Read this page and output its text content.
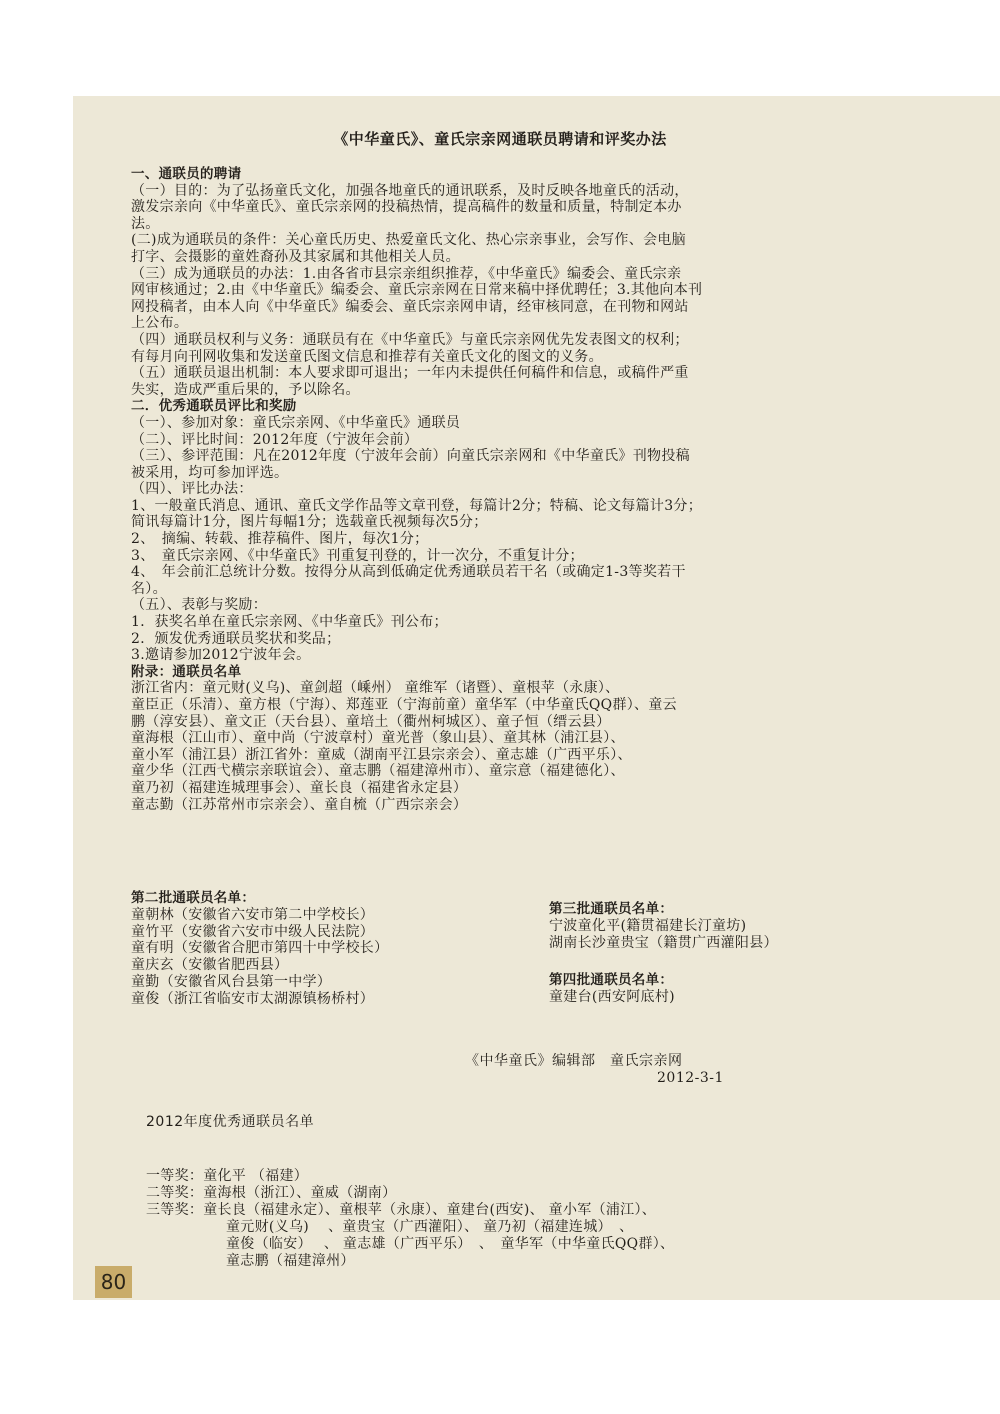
《中华童氏》、童氏宗亲网通联员聘请和评奖办法

一、通联员的聘请

（一）目的：为了弘扬童氏文化，加强各地童氏的通讯联系，及时反映各地童氏的活动，

激发宗亲向《中华童氏》、童氏宗亲网的投稿热情，提高稿件的数量和质量，特制定本办

法。

(二)成为通联员的条件：关心童氏历史、热爱童氏文化、热心宗亲事业，会写作、会电脑

打字、会摄影的童姓裔孙及其家属和其他相关人员。

（三）成为通联员的办法：1.由各省市县宗亲组织推荐，《中华童氏》编委会、童氏宗亲

网审核通过；2.由《中华童氏》编委会、童氏宗亲网在日常来稿中择优聘任；3.其他向本刊

网投稿者，由本人向《中华童氏》编委会、童氏宗亲网申请，经审核同意，在刊物和网站

上公布。

（四）通联员权利与义务：通联员有在《中华童氏》与童氏宗亲网优先发表图文的权利；

有每月向刊网收集和发送童氏图文信息和推荐有关童氏文化的图文的义务。

（五）通联员退出机制：本人要求即可退出；一年内未提供任何稿件和信息，或稿件严重

失实，造成严重后果的，予以除名。

二．优秀通联员评比和奖励

（一）、参加对象：童氏宗亲网、《中华童氏》通联员

（二）、评比时间：2012年度（宁波年会前）

（三）、参评范围：凡在2012年度（宁波年会前）向童氏宗亲网和《中华童氏》刊物投稿

被采用，均可参加评选。

（四）、评比办法：

1、一般童氏消息、通讯、童氏文学作品等文章刊登，每篇计2分；特稿、论文每篇计3分；

简讯每篇计1分，图片每幅1分；选载童氏视频每次5分；

2、　摘编、转载、推荐稿件、图片，每次1分；

3、　童氏宗亲网、《中华童氏》刊重复刊登的，计一次分，不重复计分；

4、　年会前汇总统计分数。按得分从高到低确定优秀通联员若干名（或确定1-3等奖若干

名）。

（五）、表彰与奖励：

1．获奖名单在童氏宗亲网、《中华童氏》刊公布；

2．颁发优秀通联员奖状和奖品；

3.邀请参加2012宁波年会。

附录：通联员名单

浙江省内：童元财(义乌)、童剑超（嵊州） 童维军（诸暨）、童根苹（永康）、

童臣正（乐清）、童方根（宁海）、郑莲亚（宁海前童）童华军（中华童氏QQ群）、童云

鹏（淳安县）、童文正（天台县）、童培土（衢州柯城区）、童子恒（缙云县）

童海根（江山市）、童中尚（宁波章村）童光普（象山县）、童其林（浦江县）、

童小军（浦江县）浙江省外：童威（湖南平江县宗亲会）、童志雄（广西平乐）、

童少华（江西弋横宗亲联谊会）、童志鹏（福建漳州市）、童宗意（福建德化）、

童乃初（福建连城理事会）、童长良（福建省永定县）

童志勤（江苏常州市宗亲会）、童自梳（广西宗亲会）

第二批通联员名单：

童朝林（安徽省六安市第二中学校长）

童竹平（安徽省六安市中级人民法院）

童有明（安徽省合肥市第四十中学校长）

童庆玄（安徽省肥西县）

童勤（安徽省风台县第一中学）

童俊（浙江省临安市太湖源镇杨桥村）

第三批通联员名单：

宁波童化平(籍贯福建长汀童坊)

湖南长沙童贵宝（籍贯广西灌阳县）

第四批通联员名单：

童建台(西安阿底村)

《中华童氏》编辑部　童氏宗亲网
2012-3-1
2012年度优秀通联员名单

一等奖：童化平 （福建）

二等奖：童海根（浙江）、童威（湖南）

三等奖：童长良（福建永定）、童根苹（永康）、童建台(西安)、 童小军（浦江）、

童元财(义乌)　 、童贵宝（广西灌阳）、 童乃初（福建连城）　、

童俊（临安）　 、 童志雄（广西平乐）　、　童华军（中华童氏QQ群）、

童志鹏（福建漳州）

80
